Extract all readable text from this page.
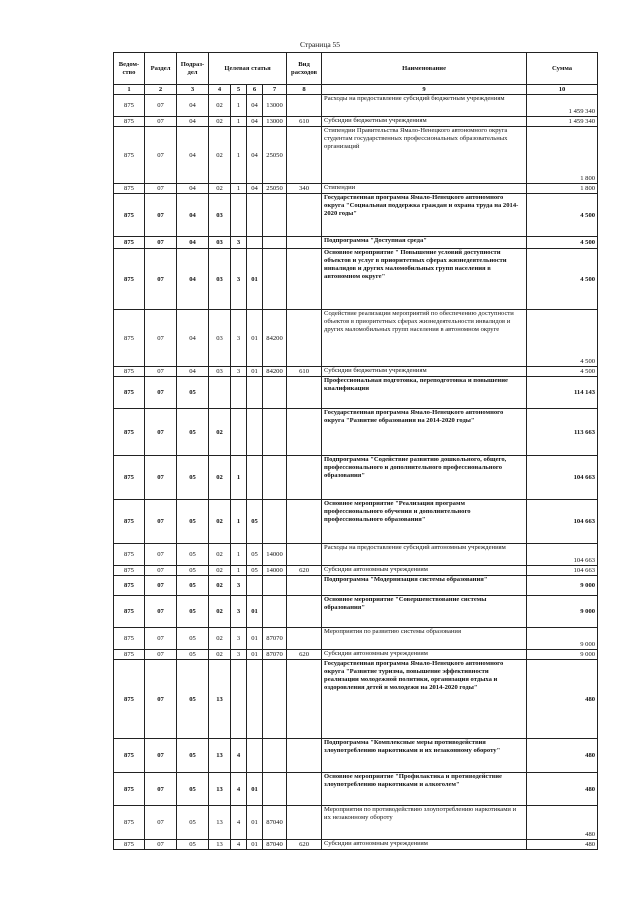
Страница 55
Ведом-ство	Раздел	Подраз-дел	Целевая статья				Вид расходов	Наименование	Сумма
1	2	3	4	5	6	7	8	9	10
875	07	04	02	1	04	13000		Расходы на предоставление субсидий бюджетным учреждениям	1 459 340
875	07	04	02	1	04	13000	610	Субсидии бюджетным учреждениям	1 459 340
875	07	04	02	1	04	25050		Стипендии Правительства Ямало-Ненецкого автономного округа студентам государственных профессиональных образовательных организаций	1 800
875	07	04	02	1	04	25050	340	Стипендии	1 800
875	07	04	03					Государственная программа Ямало-Ненецкого автономного округа "Социальная поддержка граждан и охрана труда на 2014-2020 годы"	4 500
875	07	04	03	3				Подпрограмма "Доступная среда"	4 500
875	07	04	03	3	01			Основное мероприятие " Повышение условий доступности объектов и услуг в приоритетных сферах жизнедеятельности инвалидов и других маломобильных групп населения в автономном округе"	4 500
875	07	04	03	3	01	84200		Содействие реализации мероприятий по обеспечению доступности объектов в приоритетных сферах жизнедеятельности инвалидов и других маломобильных групп населения в автономном округе	4 500
875	07	04	03	3	01	84200	610	Субсидии бюджетным учреждениям	4 500
875	07	05						Профессиональная подготовка, переподготовка и повышение квалификации	114 143
875	07	05	02					Государственная программа Ямало-Ненецкого автономного округа "Развитие образования на 2014-2020 годы"	113 663
875	07	05	02	1				Подпрограмма "Содействие развитию дошкольного, общего, профессионального и дополнительного профессионального образования"	104 663
875	07	05	02	1	05			Основное мероприятие "Реализация программ профессионального обучения и дополнительного профессионального образования"	104 663
875	07	05	02	1	05	14000		Расходы на предоставление субсидий автономным учреждениям	104 663
875	07	05	02	1	05	14000	620	Субсидии автономным учреждениям	104 663
875	07	05	02	3				Подпрограмма "Модернизация системы образования"	9 000
875	07	05	02	3	01			Основное мероприятие "Совершенствование системы образования"	9 000
875	07	05	02	3	01	87070		Мероприятия по развитию системы образования	9 000
875	07	05	02	3	01	87070	620	Субсидии автономным учреждениям	9 000
875	07	05	13					Государственная программа Ямало-Ненецкого автономного округа "Развитие туризма, повышение эффективности реализации молодежной политики, организация отдыха и оздоровления детей и молодежи на 2014-2020 годы"	480
875	07	05	13	4				Подпрограмма "Комплексные меры противодействия злоупотреблению наркотиками и их незаконному обороту"	480
875	07	05	13	4	01			Основное мероприятие "Профилактика и противодействие злоупотреблению наркотиками и алкоголем"	480
875	07	05	13	4	01	87040		Мероприятия по противодействию злоупотреблению наркотиками и их незаконному обороту	480
875	07	05	13	4	01	87040	620	Субсидии автономным учреждениям	480
